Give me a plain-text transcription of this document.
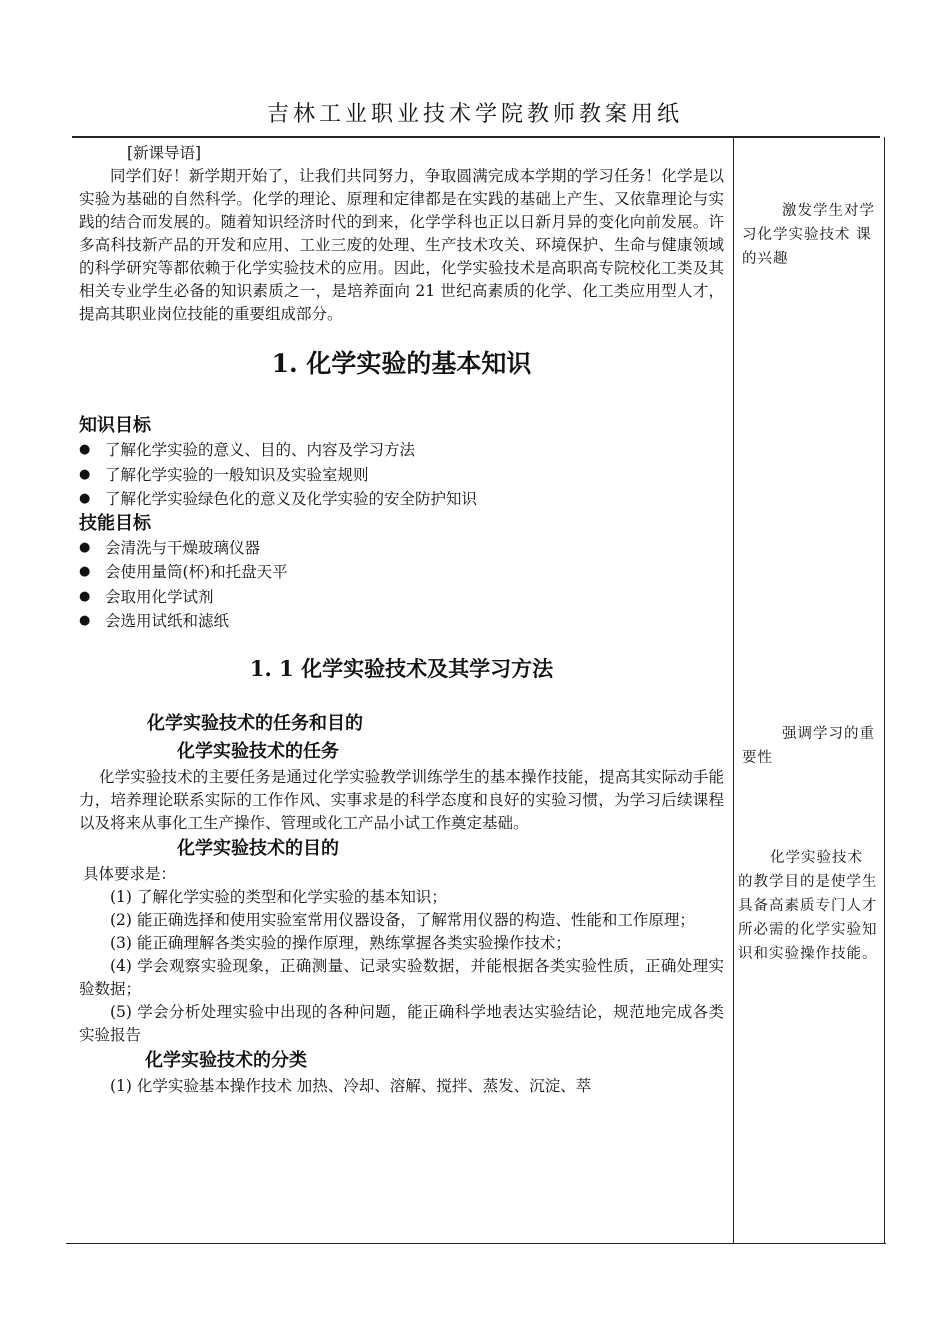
吉林工业职业技术学院教师教案用纸
[新课导语]

同学们好！新学期开始了，让我们共同努力，争取圆满完成本学期的学习任务！化学是以实验为基础的自然科学。化学的理论、原理和定律都是在实践的基础上产生、又依靠理论与实践的结合而发展的。随着知识经济时代的到来，化学学科也正以日新月异的变化向前发展。许多高科技新产品的开发和应用、工业三废的处理、生产技术攻关、环境保护、生命与健康领域的科学研究等都依赖于化学实验技术的应用。因此，化学实验技术是高职高专院校化工类及其相关专业学生必备的知识素质之一，是培养面向 21 世纪高素质的化学、化工类应用型人才，提高其职业岗位技能的重要组成部分。

1. 化学实验的基本知识
知识目标
● 了解化学实验的意义、目的、内容及学习方法
● 了解化学实验的一般知识及实验室规则
● 了解化学实验绿色化的意义及化学实验的安全防护知识
技能目标
● 会清洗与干燥玻璃仪器
● 会使用量筒(杯)和托盘天平
● 会取用化学试剂
● 会选用试纸和滤纸
1. 1 化学实验技术及其学习方法
化学实验技术的任务和目的
化学实验技术的任务

化学实验技术的主要任务是通过化学实验教学训练学生的基本操作技能，提高其实际动手能力，培养理论联系实际的工作作风、实事求是的科学态度和良好的实验习惯，为学习后续课程以及将来从事化工生产操作、管理或化工产品小试工作奠定基础。

化学实验技术的目的

具体要求是：

(1) 了解化学实验的类型和化学实验的基本知识；

(2) 能正确选择和使用实验室常用仪器设备，了解常用仪器的构造、性能和工作原理；

(3) 能正确理解各类实验的操作原理，熟练掌握各类实验操作技术；

(4) 学会观察实验现象，正确测量、记录实验数据，并能根据各类实验性质，正确处理实验数据；

(5) 学会分析处理实验中出现的各种问题，能正确科学地表达实验结论，规范地完成各类实验报告

化学实验技术的分类

(1) 化学实验基本操作技术 加热、冷却、溶解、搅拌、蒸发、沉淀、萃

激发学生对学习化学实验技术 课的兴趣
强调学习的重要性
化学实验技术的教学目的是使学生具备高素质专门人才所必需的化学实验知识和实验操作技能。
